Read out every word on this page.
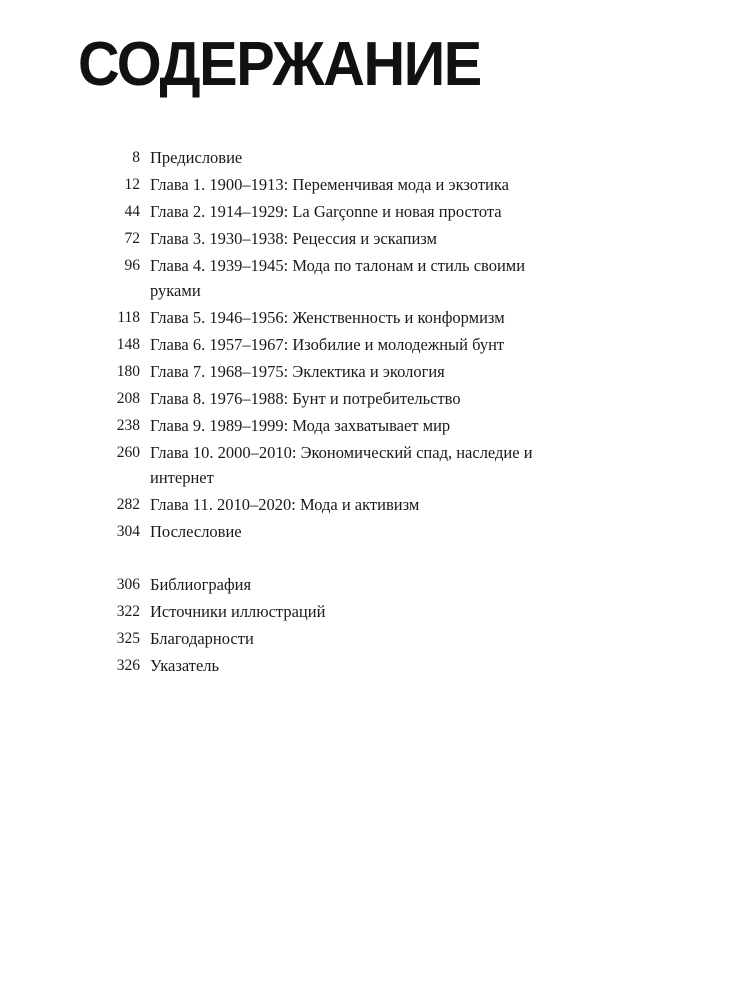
СОДЕРЖАНИЕ
8 Предисловие
12 Глава 1. 1900–1913: Переменчивая мода и экзотика
44 Глава 2. 1914–1929: La Garçonne и новая простота
72 Глава 3. 1930–1938: Рецессия и эскапизм
96 Глава 4. 1939–1945: Мода по талонам и стиль своими руками
118 Глава 5. 1946–1956: Женственность и конформизм
148 Глава 6. 1957–1967: Изобилие и молодежный бунт
180 Глава 7. 1968–1975: Эклектика и экология
208 Глава 8. 1976–1988: Бунт и потребительство
238 Глава 9. 1989–1999: Мода захватывает мир
260 Глава 10. 2000–2010: Экономический спад, наследие и интернет
282 Глава 11. 2010–2020: Мода и активизм
304 Послесловие
306 Библиография
322 Источники иллюстраций
325 Благодарности
326 Указатель
